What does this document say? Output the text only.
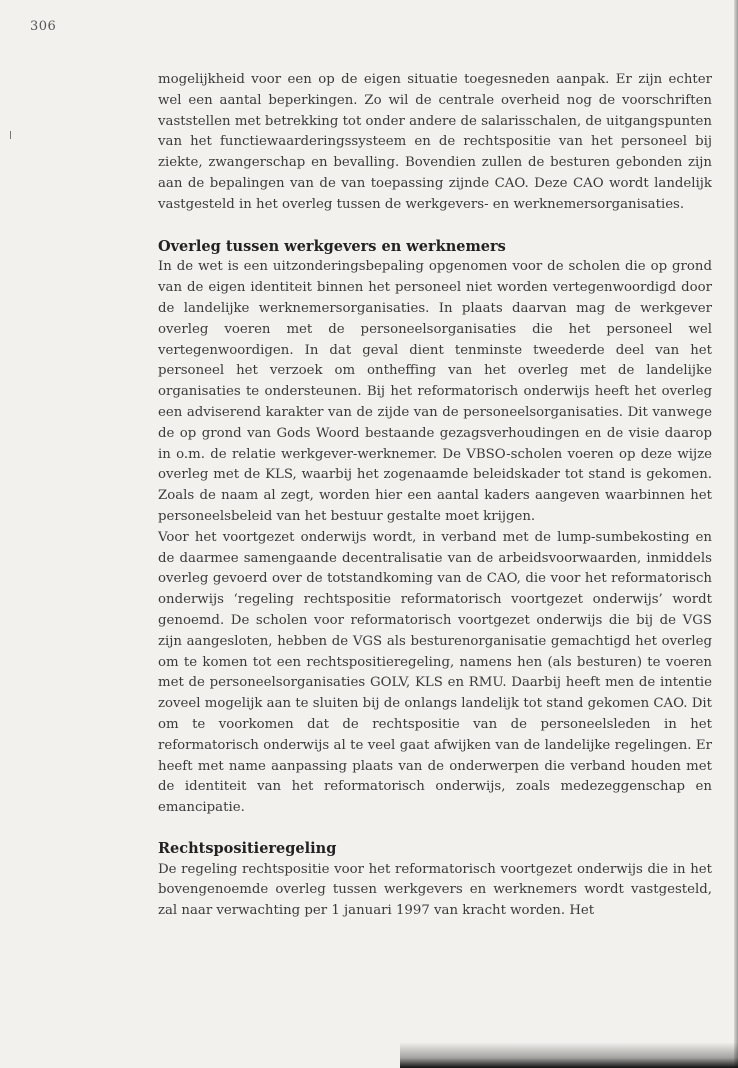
306

mogelijkheid voor een op de eigen situatie toegesneden aanpak. Er zijn echter wel een aantal beperkingen. Zo wil de centrale overheid nog de voorschriften vaststellen met betrekking tot onder andere de salarisschalen, de uitgangspunten van het functiewaarderingssysteem en de rechtspositie van het personeel bij ziekte, zwangerschap en bevalling. Bovendien zullen de besturen gebonden zijn aan de bepalingen van de van toepassing zijnde CAO. Deze CAO wordt landelijk vastgesteld in het overleg tussen de werkgevers- en werknemersorganisaties.

Overleg tussen werkgevers en werknemers

In de wet is een uitzonderingsbepaling opgenomen voor de scholen die op grond van de eigen identiteit binnen het personeel niet worden vertegenwoordigd door de landelijke werknemersorganisaties. In plaats daarvan mag de werkgever overleg voeren met de personeelsorganisaties die het personeel wel vertegenwoordigen. In dat geval dient tenminste tweederde deel van het personeel het verzoek om ontheffing van het overleg met de landelijke organisaties te ondersteunen. Bij het reformatorisch onderwijs heeft het overleg een adviserend karakter van de zijde van de personeelsorganisaties. Dit vanwege de op grond van Gods Woord bestaande gezagsverhoudingen en de visie daarop in o.m. de relatie werkgever-werknemer. De VBSO-scholen voeren op deze wijze overleg met de KLS, waarbij het zogenaamde beleidskader tot stand is gekomen. Zoals de naam al zegt, worden hier een aantal kaders aangeven waarbinnen het personeelsbeleid van het bestuur gestalte moet krijgen.

Voor het voortgezet onderwijs wordt, in verband met de lump-sumbekosting en de daarmee samengaande decentralisatie van de arbeidsvoorwaarden, inmiddels overleg gevoerd over de totstandkoming van de CAO, die voor het reformatorisch onderwijs ‘regeling rechtspositie reformatorisch voortgezet onderwijs’ wordt genoemd. De scholen voor reformatorisch voortgezet onderwijs die bij de VGS zijn aangesloten, hebben de VGS als besturenorganisatie gemachtigd het overleg om te komen tot een rechtspositieregeling, namens hen (als besturen) te voeren met de personeelsorganisaties GOLV, KLS en RMU. Daarbij heeft men de intentie zoveel mogelijk aan te sluiten bij de onlangs landelijk tot stand gekomen CAO. Dit om te voorkomen dat de rechtspositie van de personeelsleden in het reformatorisch onderwijs al te veel gaat afwijken van de landelijke regelingen. Er heeft met name aanpassing plaats van de onderwerpen die verband houden met de identiteit van het reformatorisch onderwijs, zoals medezeggenschap en emancipatie.

Rechtspositieregeling

De regeling rechtspositie voor het reformatorisch voortgezet onderwijs die in het bovengenoemde overleg tussen werkgevers en werknemers wordt vastgesteld, zal naar verwachting per 1 januari 1997 van kracht worden. Het
